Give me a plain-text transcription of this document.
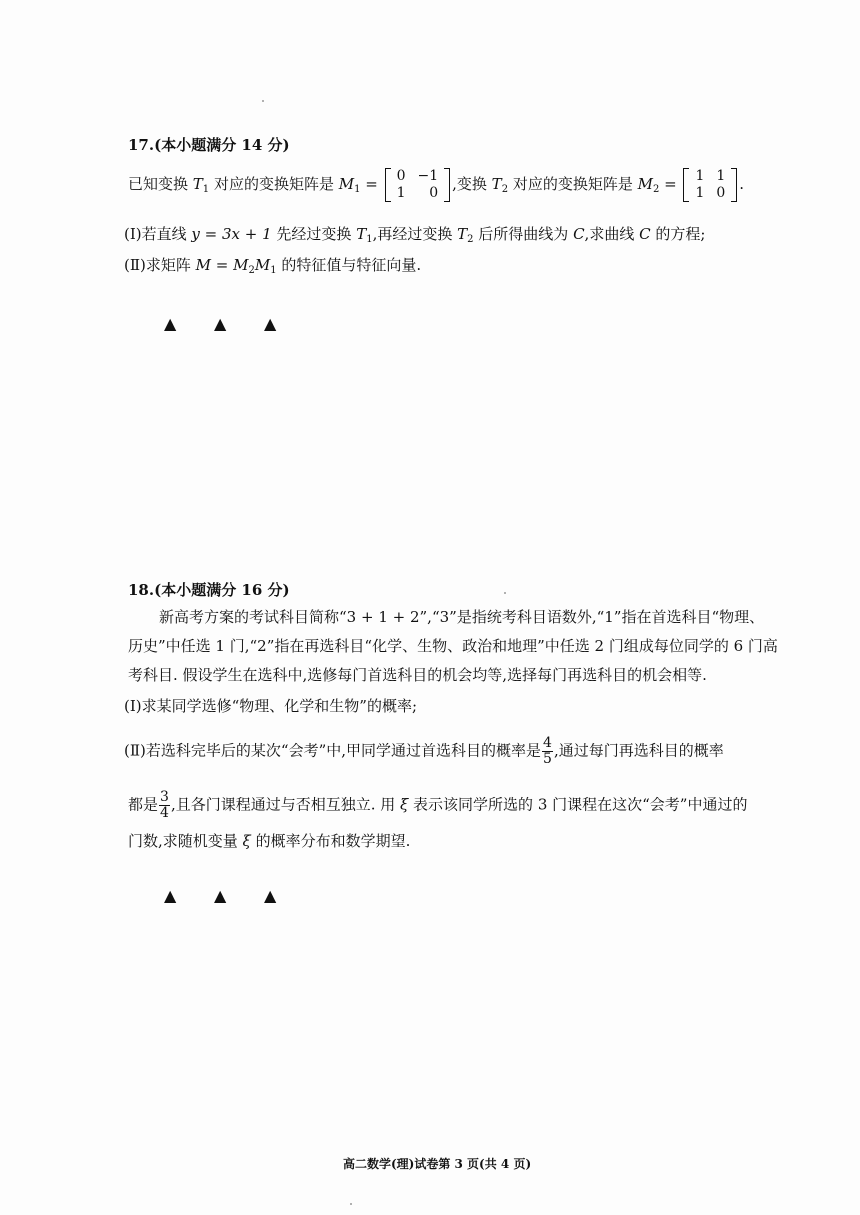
17.(本小题满分 14 分)
已知变换 $T_1$ 对应的变换矩阵是 $M_1 = 0$	−1
1	0 ,变换 $T_2$ 对应的变换矩阵是 $M_2 = 1$	1
1	0 .
(Ⅰ)若直线 y = 3x + 1 先经过变换 $T_1$,再经过变换 $T_2$ 后所得曲线为 C,求曲线 C 的方程;
(Ⅱ)求矩阵 $M = M_2M_1$ 的特征值与特征向量.
▲ ▲ ▲
18.(本小题满分 16 分)
新高考方案的考试科目简称“3 + 1 + 2”,“3”是指统考科目语数外,“1”指在首选科目“物理、
历史”中任选 1 门,“2”指在再选科目“化学、生物、政治和地理”中任选 2 门组成每位同学的 6 门高
考科目. 假设学生在选科中,选修每门首选科目的机会均等,选择每门再选科目的机会相等.
(Ⅰ)求某同学选修“物理、化学和生物”的概率;
(Ⅱ)若选科完毕后的某次“会考”中,甲同学通过首选科目的概率是 $\frac{4}{5}$ ,通过每门再选科目的概率
都是 $\frac{3}{4}$ ,且各门课程通过与否相互独立. 用 ξ 表示该同学所选的 3 门课程在这次“会考”中通过的
门数,求随机变量 ξ 的概率分布和数学期望.
▲ ▲ ▲
高二数学(理)试卷第 3 页(共 4 页)
